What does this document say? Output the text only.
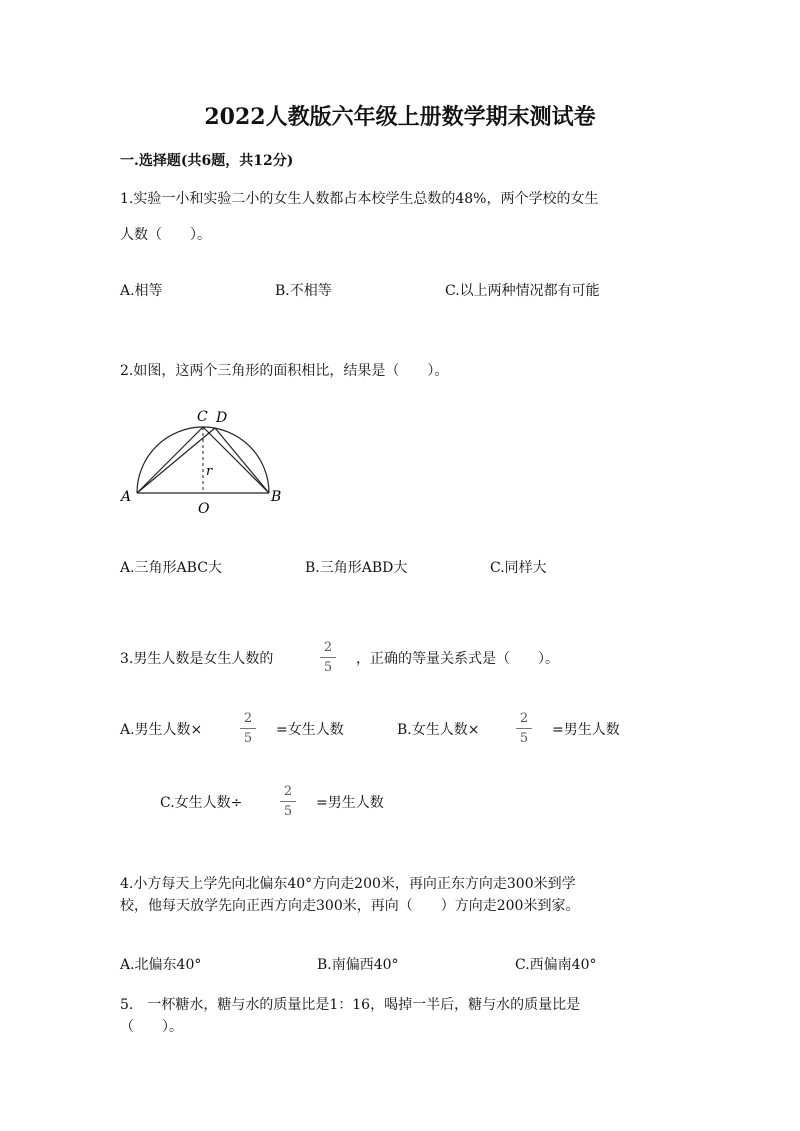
2022人教版六年级上册数学期末测试卷
一.选择题(共6题，共12分)
1.实验一小和实验二小的女生人数都占本校学生总数的48%，两个学校的女生
人数（　　）。
A.相等	B.不相等	C.以上两种情况都有可能
2.如图，这两个三角形的面积相比，结果是（　　）。
C D
A	B
O
r
A.三角形ABC大	B.三角形ABD大	C.同样大
3.男生人数是女生人数的
2
5
，正确的等量关系式是（　　）。
A.男生人数×
2
5
=女生人数	B.女生人数×
2
5
=男生人数
C.女生人数÷
2
5
=男生人数
4.小方每天上学先向北偏东40°方向走200米，再向正东方向走300米到学
校，他每天放学先向正西方向走300米，再向（　　）方向走200米到家。
A.北偏东40°	B.南偏西40°	C.西偏南40°
5.　一杯糖水，糖与水的质量比是1：16，喝掉一半后，糖与水的质量比是
（　　）。
